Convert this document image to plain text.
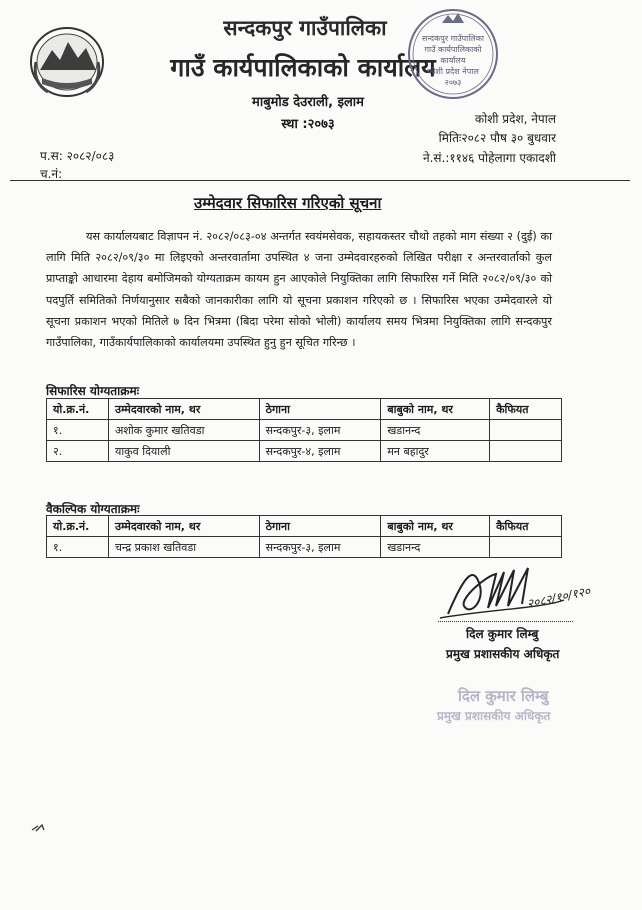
सन्दकपुर गाउँपालिका
गाउँ कार्यपालिकाको कार्यालय
माबुमोड देउराली, इलाम
स्था :२०७३
सन्दकपुर गाउँपालिका
गाउँ कार्यपालिकाको
कार्यालय
कोशी प्रदेश नेपाल
२०७३
कोशी प्रदेश, नेपाल
मितिः२०८२ पौष ३० बुधवार
ने.सं.:११४६ पोहेलागा एकादशी
प.स: २०८२/०८३
च.नं:
उम्मेदवार सिफारिस गरिएको सूचना

यस कार्यालयबाट विज्ञापन नं. २०८२/०८३-०४ अन्तर्गत स्वयंमसेवक, सहायकस्तर चौथो तहको माग संख्या २ (दुई) का लागि मिति २०८२/०९/३० मा लिइएको अन्तरवार्तामा उपस्थित ४ जना उम्मेदवारहरुको लिखित परीक्षा र अन्तरवार्ताको कुल प्राप्ताङ्को आधारमा देहाय बमोजिमको योग्यताक्रम कायम हुन आएकोले नियुक्तिका लागि सिफारिस गर्ने मिति २०८२/०९/३० को पदपुर्ति समितिको निर्णयानुसार सबैको जानकारीका लागि यो सूचना प्रकाशन गरिएको छ । सिफारिस भएका उम्मेदवारले यो सूचना प्रकाशन भएको मितिले ७ दिन भित्रमा (बिदा परेमा सोको भोली) कार्यालय समय भित्रमा नियुक्तिका लागि सन्दकपुर गाउँपालिका, गाउँकार्यपालिकाको कार्यालयमा उपस्थित हुनु हुन सूचित गरिन्छ ।

सिफारिस योग्यताक्रमः
यो.क्र.नं.	उम्मेदवारको नाम, थर	ठेगाना	बाबुको नाम, थर	कैफियत
१.	अशोक कुमार खतिवडा	सन्दकपुर-३, इलाम	खडानन्द	
२.	याकुव दियाली	सन्दकपुर-४, इलाम	मन बहादुर	
वैकल्पिक योग्यताक्रमः
यो.क्र.नं.	उम्मेदवारको नाम, थर	ठेगाना	बाबुको नाम, थर	कैफियत
१.	चन्द्र प्रकाश खतिवडा	सन्दकपुर-३, इलाम	खडानन्द	
२०८२/१०/१२०
दिल कुमार लिम्बु
प्रमुख प्रशासकीय अधिकृत
दिल कुमार लिम्बु
प्रमुख प्रशासकीय अधिकृत
